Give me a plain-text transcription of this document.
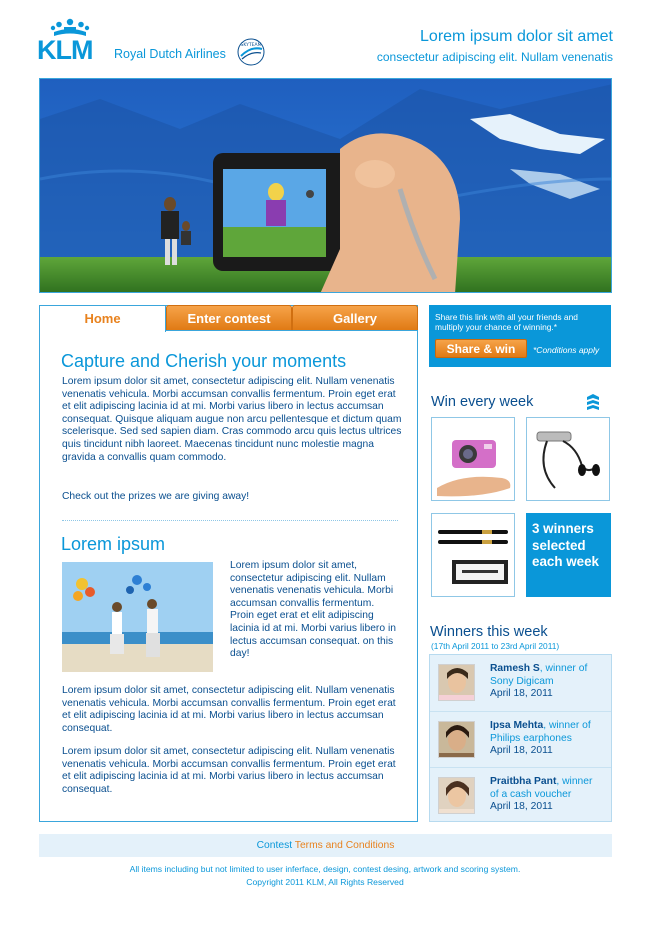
KLM Royal Dutch Airlines
SKYTEAM
Lorem ipsum dolor sit amet
consectetur adipiscing elit. Nullam venenatis
Home	Enter contest	Gallery
Capture and Cherish your moments
Lorem ipsum dolor sit amet, consectetur adipiscing elit. Nullam venenatis venenatis vehicula. Morbi accumsan convallis fermentum. Proin eget erat et elit adipiscing lacinia id at mi. Morbi varius libero in lectus accumsan consequat. Quisque aliquam augue non arcu pellentesque et dictum quam scelerisque. Sed sed sapien diam. Cras commodo arcu quis lectus ultrices quis tincidunt nibh laoreet. Maecenas tincidunt nunc molestie magna gravida a convallis quam commodo.
Check out the prizes we are giving away!
Lorem ipsum
Lorem ipsum dolor sit amet, consectetur adipiscing elit. Nullam venenatis venenatis vehicula. Morbi accumsan convallis fermentum. Proin eget erat et elit adipiscing lacinia id at mi. Morbi varius libero in lectus accumsan consequat. on this day!
Lorem ipsum dolor sit amet, consectetur adipiscing elit. Nullam venenatis venenatis vehicula. Morbi accumsan convallis fermentum. Proin eget erat et elit adipiscing lacinia id at mi. Morbi varius libero in lectus accumsan consequat.
Lorem ipsum dolor sit amet, consectetur adipiscing elit. Nullam venenatis venenatis vehicula. Morbi accumsan convallis fermentum. Proin eget erat et elit adipiscing lacinia id at mi. Morbi varius libero in lectus accumsan consequat.
Share this link with all your friends and multiply your chance of winning.*
Share & win	*Conditions apply
Win every week
3 winners selected each week
Winners this week
(17th April 2011 to 23rd April 2011)
Ramesh S, winner of
Sony Digicam
April 18, 2011
Ipsa Mehta, winner of
Philips earphones
April 18, 2011
Praitbha Pant, winner
of a cash voucher
April 18, 2011
Contest Terms and Conditions
All items including but not limited to user inferface, design, contest desing, artwork and scoring system.
Copyright 2011 KLM, All Rights Reserved
